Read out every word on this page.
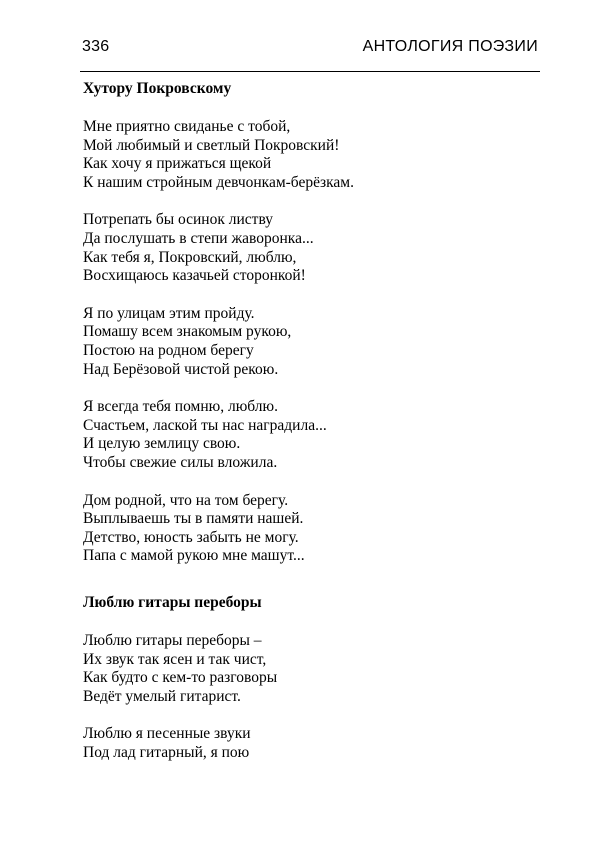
336	АНТОЛОГИЯ ПОЭЗИИ
Хутору Покровскому
Мне приятно свиданье с тобой,
Мой любимый и светлый Покровский!
Как хочу я прижаться щекой
К нашим стройным девчонкам-берёзкам.
Потрепать бы осинок листву
Да послушать в степи жаворонка...
Как тебя я, Покровский, люблю,
Восхищаюсь казачьей сторонкой!
Я по улицам этим пройду.
Помашу всем знакомым рукою,
Постою на родном берегу
Над Берёзовой чистой рекою.
Я всегда тебя помню, люблю.
Счастьем, лаской ты нас наградила...
И целую землицу свою.
Чтобы свежие силы вложила.
Дом родной, что на том берегу.
Выплываешь ты в памяти нашей.
Детство, юность забыть не могу.
Папа с мамой рукою мне машут...
Люблю гитары переборы
Люблю гитары переборы –
Их звук так ясен и так чист,
Как будто с кем-то разговоры
Ведёт умелый гитарист.
Люблю я песенные звуки
Под лад гитарный, я пою
